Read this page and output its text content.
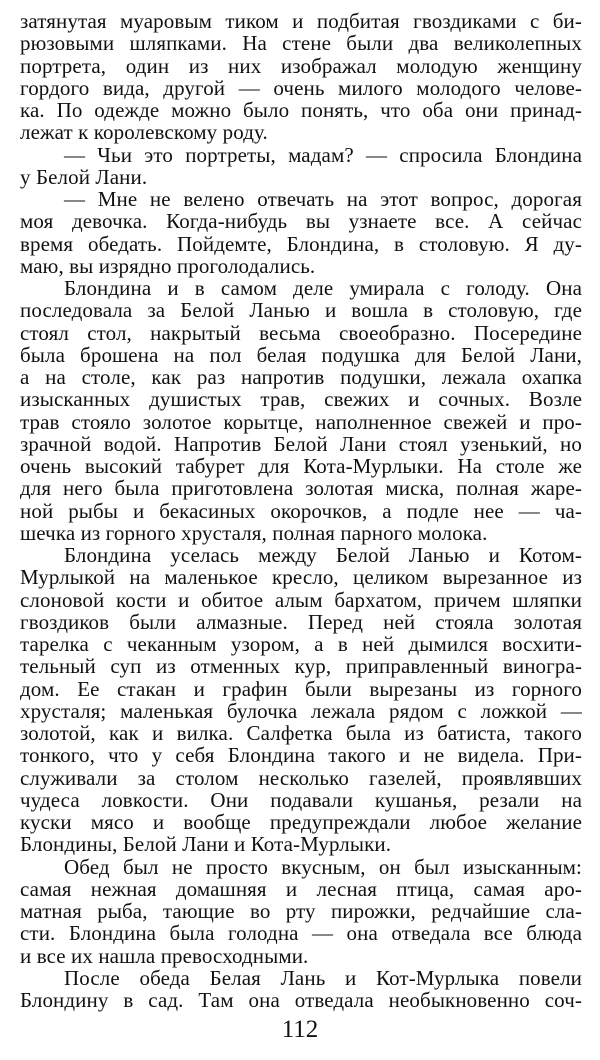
затянутая муаровым тиком и подбитая гвоздиками с би-
рюзовыми шляпками. На стене были два великолепных
портрета, один из них изображал молодую женщину
гордого вида, другой — очень милого молодого челове-
ка. По одежде можно было понять, что оба они принад-
лежат к королевскому роду.
— Чьи это портреты, мадам? — спросила Блондина
у Белой Лани.
— Мне не велено отвечать на этот вопрос, дорогая
моя девочка. Когда-нибудь вы узнаете все. А сейчас
время обедать. Пойдемте, Блондина, в столовую. Я ду-
маю, вы изрядно проголодались.
Блондина и в самом деле умирала с голоду. Она
последовала за Белой Ланью и вошла в столовую, где
стоял стол, накрытый весьма своеобразно. Посередине
была брошена на пол белая подушка для Белой Лани,
а на столе, как раз напротив подушки, лежала охапка
изысканных душистых трав, свежих и сочных. Возле
трав стояло золотое корытце, наполненное свежей и про-
зрачной водой. Напротив Белой Лани стоял узенький, но
очень высокий табурет для Кота-Мурлыки. На столе же
для него была приготовлена золотая миска, полная жаре-
ной рыбы и бекасиных окорочков, а подле нее — ча-
шечка из горного хрусталя, полная парного молока.
Блондина уселась между Белой Ланью и Котом-
Мурлыкой на маленькое кресло, целиком вырезанное из
слоновой кости и обитое алым бархатом, причем шляпки
гвоздиков были алмазные. Перед ней стояла золотая
тарелка с чеканным узором, а в ней дымился восхити-
тельный суп из отменных кур, приправленный виногра-
дом. Ее стакан и графин были вырезаны из горного
хрусталя; маленькая булочка лежала рядом с ложкой —
золотой, как и вилка. Салфетка была из батиста, такого
тонкого, что у себя Блондина такого и не видела. При-
служивали за столом несколько газелей, проявлявших
чудеса ловкости. Они подавали кушанья, резали на
куски мясо и вообще предупреждали любое желание
Блондины, Белой Лани и Кота-Мурлыки.
Обед был не просто вкусным, он был изысканным:
самая нежная домашняя и лесная птица, самая аро-
матная рыба, тающие во рту пирожки, редчайшие сла-
сти. Блондина была голодна — она отведала все блюда
и все их нашла превосходными.
После обеда Белая Лань и Кот-Мурлыка повели
Блондину в сад. Там она отведала необыкновенно соч-
112
